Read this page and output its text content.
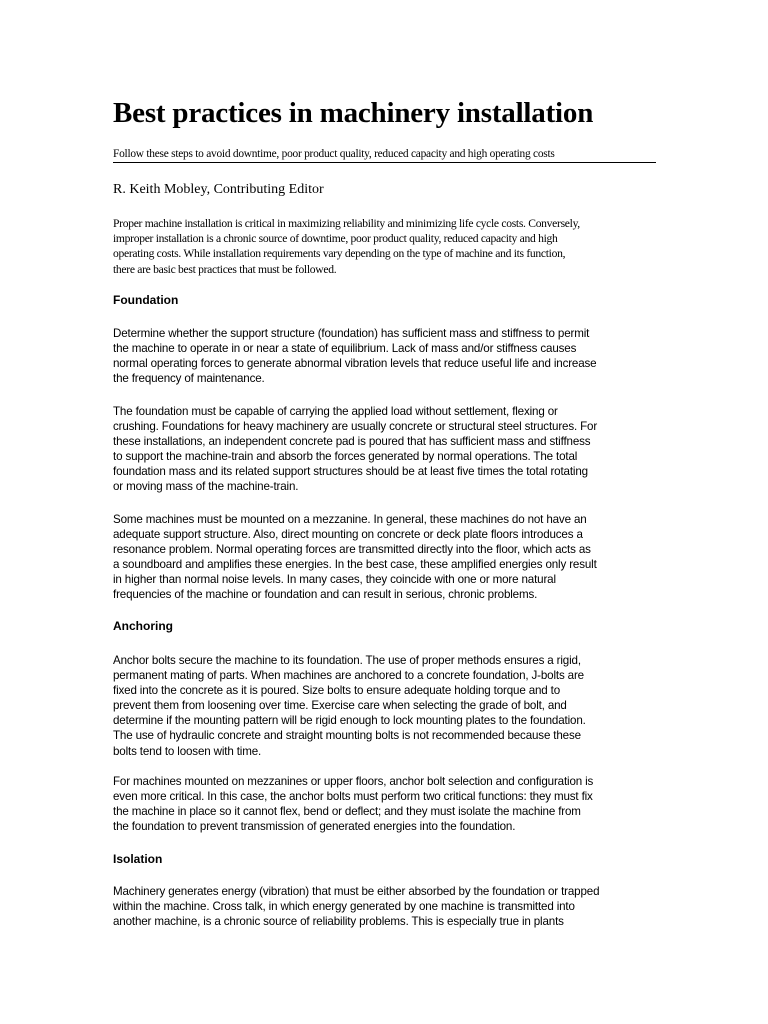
Best practices in machinery installation
Follow these steps to avoid downtime, poor product quality, reduced capacity and high operating costs
R. Keith Mobley, Contributing Editor

Proper machine installation is critical in maximizing reliability and minimizing life cycle costs. Conversely,
improper installation is a chronic source of downtime, poor product quality, reduced capacity and high
operating costs. While installation requirements vary depending on the type of machine and its function,
there are basic best practices that must be followed.

Foundation

Determine whether the support structure (foundation) has sufficient mass and stiffness to permit
the machine to operate in or near a state of equilibrium. Lack of mass and/or stiffness causes
normal operating forces to generate abnormal vibration levels that reduce useful life and increase
the frequency of maintenance.

The foundation must be capable of carrying the applied load without settlement, flexing or
crushing. Foundations for heavy machinery are usually concrete or structural steel structures. For
these installations, an independent concrete pad is poured that has sufficient mass and stiffness
to support the machine-train and absorb the forces generated by normal operations. The total
foundation mass and its related support structures should be at least five times the total rotating
or moving mass of the machine-train.

Some machines must be mounted on a mezzanine. In general, these machines do not have an
adequate support structure. Also, direct mounting on concrete or deck plate floors introduces a
resonance problem. Normal operating forces are transmitted directly into the floor, which acts as
a soundboard and amplifies these energies. In the best case, these amplified energies only result
in higher than normal noise levels. In many cases, they coincide with one or more natural
frequencies of the machine or foundation and can result in serious, chronic problems.

Anchoring

Anchor bolts secure the machine to its foundation. The use of proper methods ensures a rigid,
permanent mating of parts. When machines are anchored to a concrete foundation, J-bolts are
fixed into the concrete as it is poured. Size bolts to ensure adequate holding torque and to
prevent them from loosening over time. Exercise care when selecting the grade of bolt, and
determine if the mounting pattern will be rigid enough to lock mounting plates to the foundation.
The use of hydraulic concrete and straight mounting bolts is not recommended because these
bolts tend to loosen with time.

For machines mounted on mezzanines or upper floors, anchor bolt selection and configuration is
even more critical. In this case, the anchor bolts must perform two critical functions: they must fix
the machine in place so it cannot flex, bend or deflect; and they must isolate the machine from
the foundation to prevent transmission of generated energies into the foundation.

Isolation

Machinery generates energy (vibration) that must be either absorbed by the foundation or trapped
within the machine. Cross talk, in which energy generated by one machine is transmitted into
another machine, is a chronic source of reliability problems. This is especially true in plants
